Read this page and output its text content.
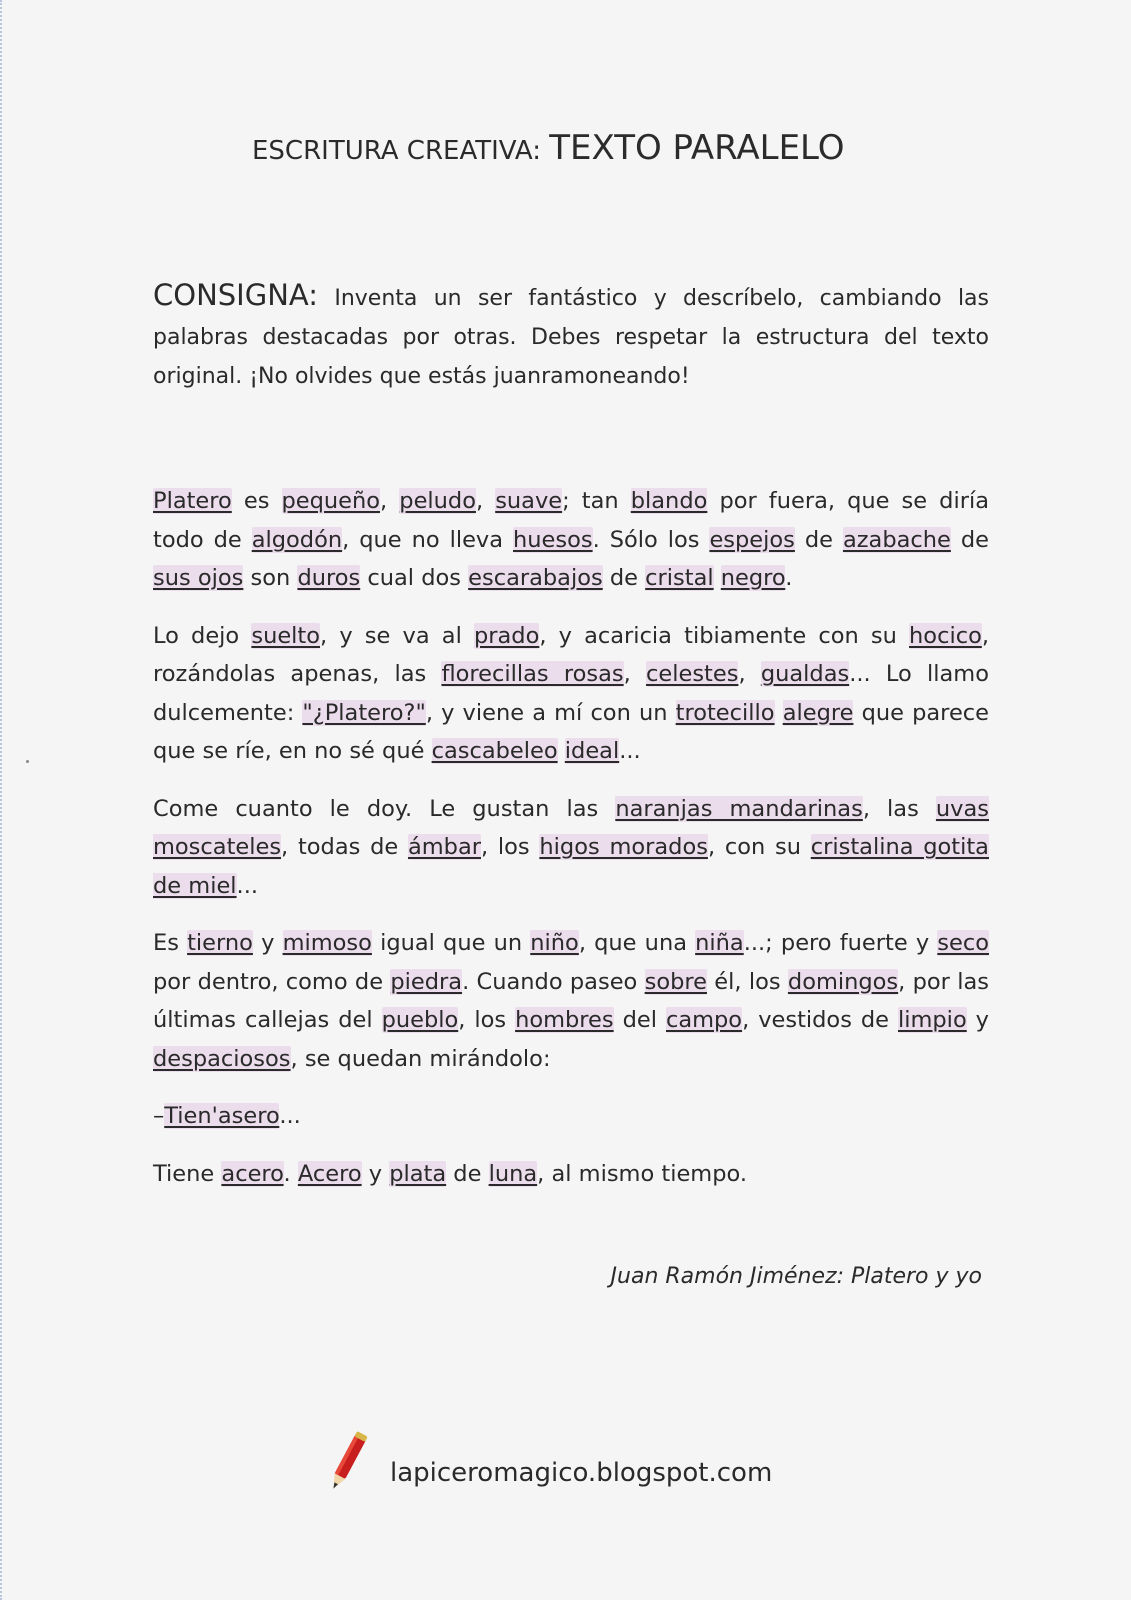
ESCRITURA CREATIVA: TEXTO PARALELO
CONSIGNA: Inventa un ser fantástico y descríbelo, cambiando las palabras destacadas por otras. Debes respetar la estructura del texto original. ¡No olvides que estás juanramoneando!

Platero es pequeño, peludo, suave; tan blando por fuera, que se diría todo de algodón, que no lleva huesos. Sólo los espejos de azabache de sus ojos son duros cual dos escarabajos de cristal negro.

Lo dejo suelto, y se va al prado, y acaricia tibiamente con su hocico, rozándolas apenas, las florecillas rosas, celestes, gualdas... Lo llamo dulcemente: "¿Platero?", y viene a mí con un trotecillo alegre que parece que se ríe, en no sé qué cascabeleo ideal...

Come cuanto le doy. Le gustan las naranjas mandarinas, las uvas moscateles, todas de ámbar, los higos morados, con su cristalina gotita de miel...

Es tierno y mimoso igual que un niño, que una niña...; pero fuerte y seco por dentro, como de piedra. Cuando paseo sobre él, los domingos, por las últimas callejas del pueblo, los hombres del campo, vestidos de limpio y despaciosos, se quedan mirándolo:

–Tien'asero...

Tiene acero. Acero y plata de luna, al mismo tiempo.

Juan Ramón Jiménez: Platero y yo
lapiceromagico.blogspot.com
